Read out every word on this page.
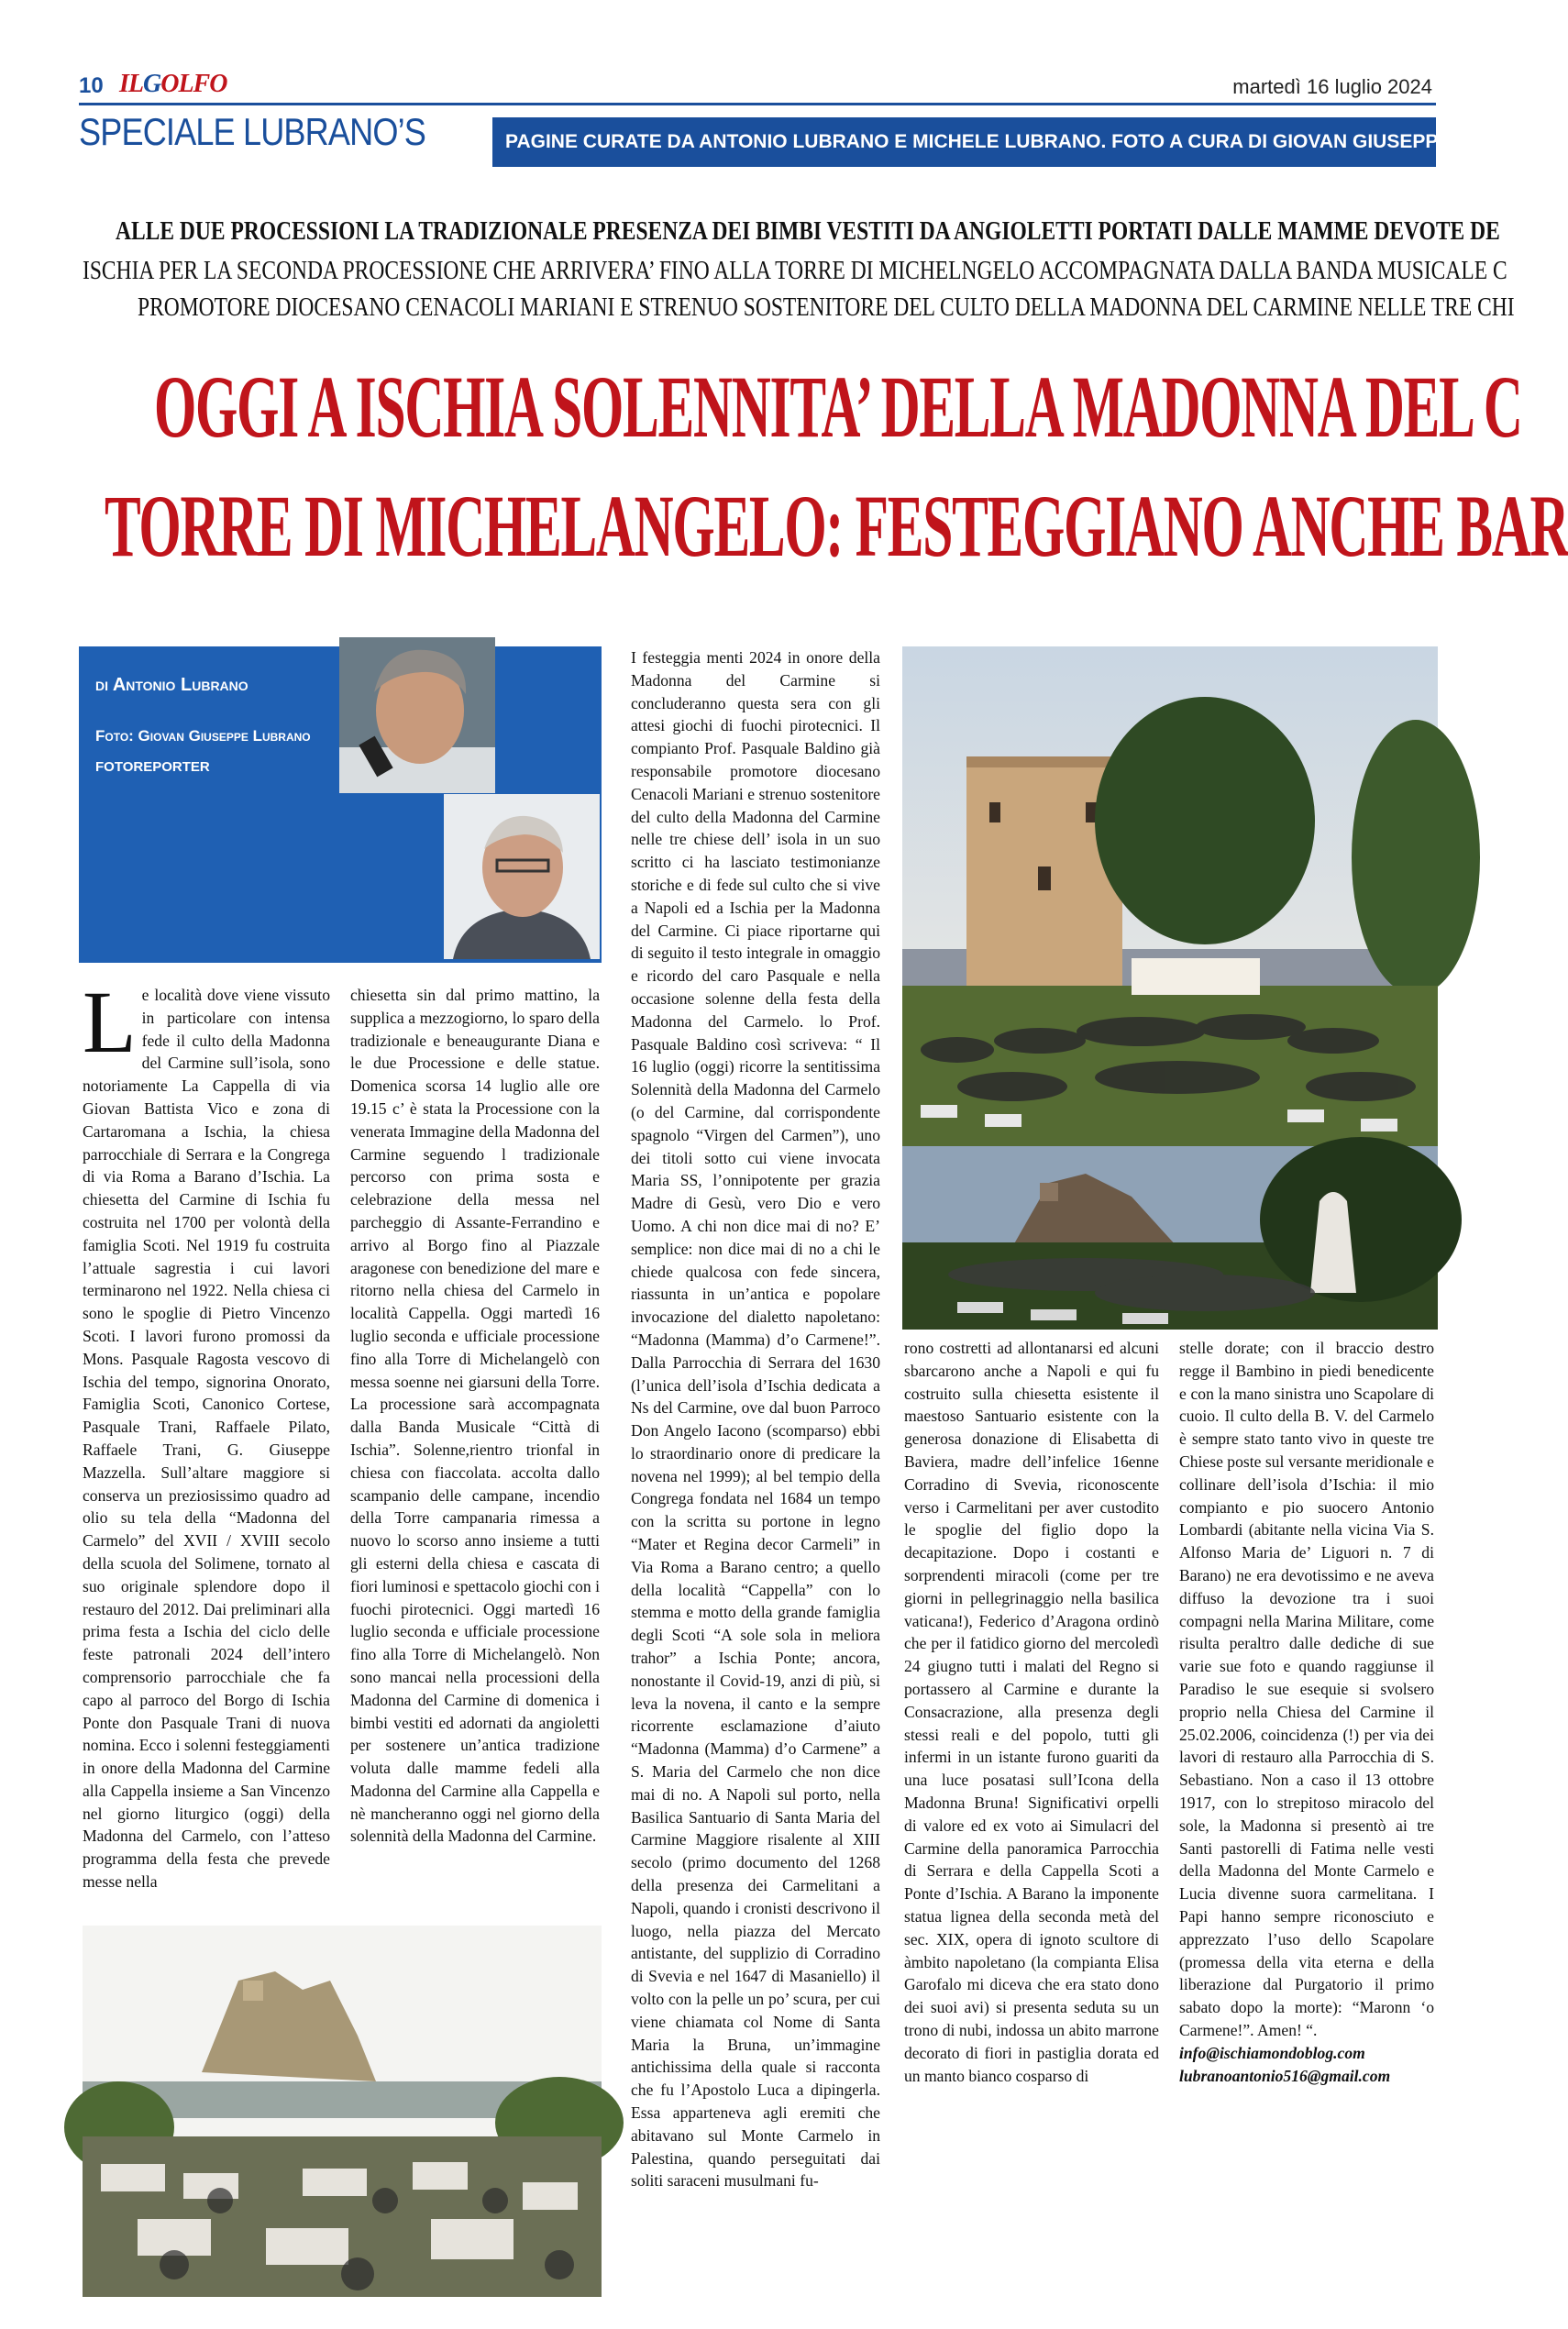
10 ILGOLFO	martedì 16 luglio 2024
SPECIALE LUBRANO’S	PAGINE CURATE DA ANTONIO LUBRANO E MICHELE LUBRANO. FOTO A CURA DI GIOVAN GIUSEPPE LUBRANO
ALLE DUE PROCESSIONI LA TRADIZIONALE PRESENZA DEI BIMBI VESTITI DA ANGIOLETTI PORTATI DALLE MAMME DEVOTE DE
ISCHIA PER LA SECONDA PROCESSIONE CHE ARRIVERA’ FINO ALLA TORRE DI MICHELNGELO ACCOMPAGNATA DALLA BANDA MUSICALE C
PROMOTORE DIOCESANO CENACOLI MARIANI E STRENUO SOSTENITORE DEL CULTO DELLA MADONNA DEL CARMINE NELLE TRE CHI
OGGI A ISCHIA SOLENNITA’ DELLA MADONNA DEL C
TORRE DI MICHELANGELO: FESTEGGIANO ANCHE BAR
di Antonio Lubrano
Foto: Giovan Giuseppe Lubrano
FOTOREPORTER

Le località dove viene vissuto in particolare con intensa fede il culto della Madonna del Carmine sull’isola, sono notoriamente La Cappella di via Giovan Battista Vico e zona di Cartaromana a Ischia, la chiesa parrocchiale di Serrara e la Congrega di via Roma a Barano d’Ischia. La chiesetta del Carmine di Ischia fu costruita nel 1700 per volontà della famiglia Scoti. Nel 1919 fu costruita l’attuale sagrestia i cui lavori terminarono nel 1922. Nella chiesa ci sono le spoglie di Pietro Vincenzo Scoti. I lavori furono promossi da Mons. Pasquale Ragosta vescovo di Ischia del tempo, signorina Onorato, Famiglia Scoti, Canonico Cortese, Pasquale Trani, Raffaele Pilato, Raffaele Trani, G. Giuseppe Mazzella. Sull’altare maggiore si conserva un preziosissimo quadro ad olio su tela della “Madonna del Carmelo” del XVII / XVIII secolo della scuola del Solimene, tornato al suo originale splendore dopo il restauro del 2012. Dai preliminari alla prima festa a Ischia del ciclo delle feste patronali 2024 dell’intero comprensorio parrocchiale che fa capo al parroco del Borgo di Ischia Ponte don Pasquale Trani di nuova nomina. Ecco i solenni festeggiamenti in onore della Madonna del Carmine alla Cappella insieme a San Vincenzo nel giorno liturgico (oggi) della Madonna del Carmelo, con l’atteso programma della festa che prevede messe nella

chiesetta sin dal primo mattino, la supplica a mezzogiorno, lo sparo della tradizionale e beneaugurante Diana e le due Processione e delle statue. Domenica scorsa 14 luglio alle ore 19.15 c’ è stata la Processione con la venerata Immagine della Madonna del Carmine seguendo l tradizionale percorso con prima sosta e celebrazione della messa nel parcheggio di Assante-Ferrandino e arrivo al Borgo fino al Piazzale aragonese con benedizione del mare e ritorno nella chiesa del Carmelo in località Cappella. Oggi martedì 16 luglio seconda e ufficiale processione fino alla Torre di Michelangelò con messa soenne nei giarsuni della Torre. La processione sarà accompagnata dalla Banda Musicale “Città di Ischia”. Solenne,rientro trionfal in chiesa con fiaccolata. accolta dallo scampanio delle campane, incendio della Torre campanaria rimessa a nuovo lo scorso anno insieme a tutti gli esterni della chiesa e cascata di fiori luminosi e spettacolo giochi con i fuochi pirotecnici. Oggi martedì 16 luglio seconda e ufficiale processione fino alla Torre di Michelangelò. Non sono mancai nella processioni della Madonna del Carmine di domenica i bimbi vestiti ed adornati da angioletti per sostenere un’antica tradizione voluta dalle mamme fedeli alla Madonna del Carmine alla Cappella e nè mancheranno oggi nel giorno della solennità della Madonna del Carmine.

I festeggia menti 2024 in onore della Madonna del Carmine si concluderanno questa sera con gli attesi giochi di fuochi pirotecnici. Il compianto Prof. Pasquale Baldino già responsabile promotore diocesano Cenacoli Mariani e strenuo sostenitore del culto della Madonna del Carmine nelle tre chiese dell’ isola in un suo scritto ci ha lasciato testimonianze storiche e di fede sul culto che si vive a Napoli ed a Ischia per la Madonna del Carmine. Ci piace riportarne qui di seguito il testo integrale in omaggio e ricordo del caro Pasquale e nella occasione solenne della festa della Madonna del Carmelo. lo Prof. Pasquale Baldino così scriveva: “ Il 16 luglio (oggi) ricorre la sentitissima Solennità della Madonna del Carmelo (o del Carmine, dal corrispondente spagnolo “Virgen del Carmen”), uno dei titoli sotto cui viene invocata Maria SS, l’onnipotente per grazia Madre di Gesù, vero Dio e vero Uomo. A chi non dice mai di no? E’ semplice: non dice mai di no a chi le chiede qualcosa con fede sincera, riassunta in un’antica e popolare invocazione del dialetto napoletano: “Madonna (Mamma) d’o Carmene!”. Dalla Parrocchia di Serrara del 1630 (l’unica dell’isola d’Ischia dedicata a Ns del Carmine, ove dal buon Parroco Don Angelo Iacono (scomparso) ebbi lo straordinario onore di predicare la novena nel 1999); al bel tempio della Congrega fondata nel 1684 un tempo con la scritta su portone in legno “Mater et Regina decor Carmeli” in Via Roma a Barano centro; a quello della località “Cappella” con lo stemma e motto della grande famiglia degli Scoti “A sole sola in meliora trahor” a Ischia Ponte; ancora, nonostante il Covid-19, anzi di più, si leva la novena, il canto e la sempre ricorrente esclamazione d’aiuto “Madonna (Mamma) d’o Carmene” a S. Maria del Carmelo che non dice mai di no. A Napoli sul porto, nella Basilica Santuario di Santa Maria del Carmine Maggiore risalente al XIII secolo (primo documento del 1268 della presenza dei Carmelitani a Napoli, quando i cronisti descrivono il luogo, nella piazza del Mercato antistante, del supplizio di Corradino di Svevia e nel 1647 di Masaniello) il volto con la pelle un po’ scura, per cui viene chiamata col Nome di Santa Maria la Bruna, un’immagine antichissima della quale si racconta che fu l’Apostolo Luca a dipingerla. Essa apparteneva agli eremiti che abitavano sul Monte Carmelo in Palestina, quando perseguitati dai soliti saraceni musulmani fu-

rono costretti ad allontanarsi ed alcuni sbarcarono anche a Napoli e qui fu costruito sulla chiesetta esistente il maestoso Santuario esistente con la generosa donazione di Elisabetta di Baviera, madre dell’infelice 16enne Corradino di Svevia, riconoscente verso i Carmelitani per aver custodito le spoglie del figlio dopo la decapitazione. Dopo i costanti e sorprendenti miracoli (come per tre giorni in pellegrinaggio nella basilica vaticana!), Federico d’Aragona ordinò che per il fatidico giorno del mercoledì 24 giugno tutti i malati del Regno si portassero al Carmine e durante la Consacrazione, alla presenza degli stessi reali e del popolo, tutti gli infermi in un istante furono guariti da una luce posatasi sull’Icona della Madonna Bruna! Significativi orpelli di valore ed ex voto ai Simulacri del Carmine della panoramica Parrocchia di Serrara e della Cappella Scoti a Ponte d’Ischia. A Barano la imponente statua lignea della seconda metà del sec. XIX, opera di ignoto scultore di àmbito napoletano (la compianta Elisa Garofalo mi diceva che era stato dono dei suoi avi) si presenta seduta su un trono di nubi, indossa un abito marrone decorato di fiori in pastiglia dorata ed un manto bianco cosparso di

stelle dorate; con il braccio destro regge il Bambino in piedi benedicente e con la mano sinistra uno Scapolare di cuoio. Il culto della B. V. del Carmelo è sempre stato tanto vivo in queste tre Chiese poste sul versante meridionale e collinare dell’isola d’Ischia: il mio compianto e pio suocero Antonio Lombardi (abitante nella vicina Via S. Alfonso Maria de’ Liguori n. 7 di Barano) ne era devotissimo e ne aveva diffuso la devozione tra i suoi compagni nella Marina Militare, come risulta peraltro dalle dediche di sue varie sue foto e quando raggiunse il Paradiso le sue esequie si svolsero proprio nella Chiesa del Carmine il 25.02.2006, coincidenza (!) per via dei lavori di restauro alla Parrocchia di S. Sebastiano. Non a caso il 13 ottobre 1917, con lo strepitoso miracolo del sole, la Madonna si presentò ai tre Santi pastorelli di Fatima nelle vesti della Madonna del Monte Carmelo e Lucia divenne suora carmelitana. I Papi hanno sempre riconosciuto e apprezzato l’uso dello Scapolare (promessa della vita eterna e della liberazione dal Purgatorio il primo sabato dopo la morte): “Maronn ‘o Carmene!”. Amen! “.

info@ischiamondoblog.com

lubranoantonio516@gmail.com
